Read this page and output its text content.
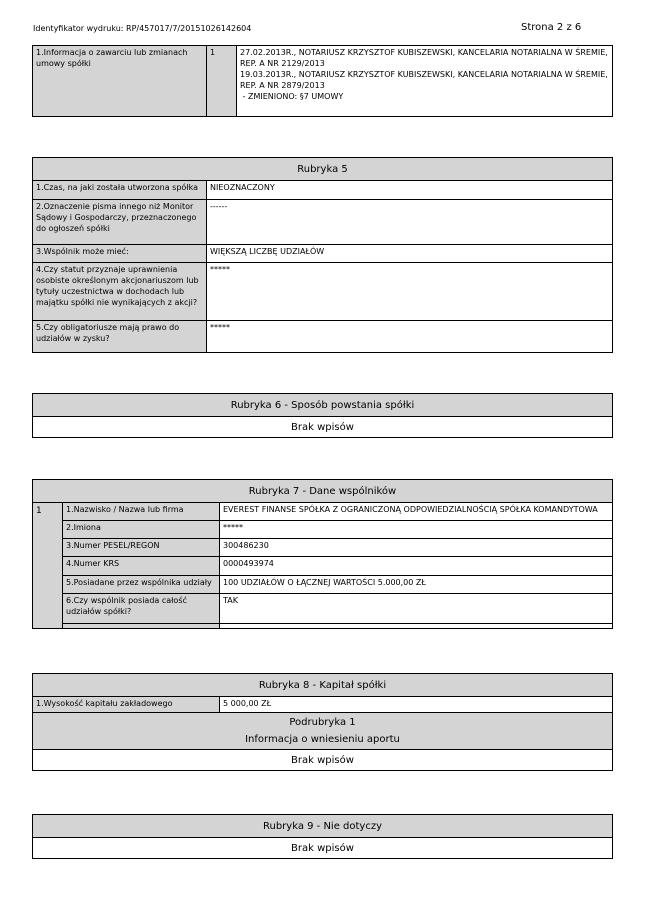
Identyfikator wydruku: RP/457017/7/20151026142604	Strona 2 z 6
1.Informacja o zawarciu lub zmianach umowy spółki	1	27.02.2013R., NOTARIUSZ KRZYSZTOF KUBISZEWSKI, KANCELARIA NOTARIALNA W ŚREMIE, REP. A NR 2129/2013
19.03.2013R., NOTARIUSZ KRZYSZTOF KUBISZEWSKI, KANCELARIA NOTARIALNA W ŚREMIE, REP. A NR 2879/2013
- ZMIENIONO: §7 UMOWY
Rubryka 5	
1.Czas, na jaki została utworzona spółka	NIEOZNACZONY
2.Oznaczenie pisma innego niż Monitor Sądowy i Gospodarczy, przeznaczonego do ogłoszeń spółki	------
3.Wspólnik może mieć:	WIĘKSZĄ LICZBĘ UDZIAŁÓW
4.Czy statut przyznaje uprawnienia osobiste określonym akcjonariuszom lub tytuły uczestnictwa w dochodach lub majątku spółki nie wynikających z akcji?	*****
5.Czy obligatoriusze mają prawo do udziałów w zysku?	*****
Rubryka 6 - Sposób powstania spółki
Brak wpisów
Rubryka 7 - Dane wspólników		
1	1.Nazwisko / Nazwa lub firma	EVEREST FINANSE SPÓŁKA Z OGRANICZONĄ ODPOWIEDZIALNOŚCIĄ SPÓŁKA KOMANDYTOWA
	2.Imiona	*****
	3.Numer PESEL/REGON	300486230
	4.Numer KRS	0000493974
	5.Posiadane przez wspólnika udziały	100 UDZIAŁÓW O ŁĄCZNEJ WARTOŚCI 5.000,00 ZŁ
	6.Czy wspólnik posiada całość udziałów spółki?	TAK

Rubryka 8 - Kapitał spółki
1.Wysokość kapitału zakładowego	5 000,00 ZŁ

Podrubryka 1
Informacja o wniesieniu aportu

Brak wpisów
Rubryka 9 - Nie dotyczy
Brak wpisów
